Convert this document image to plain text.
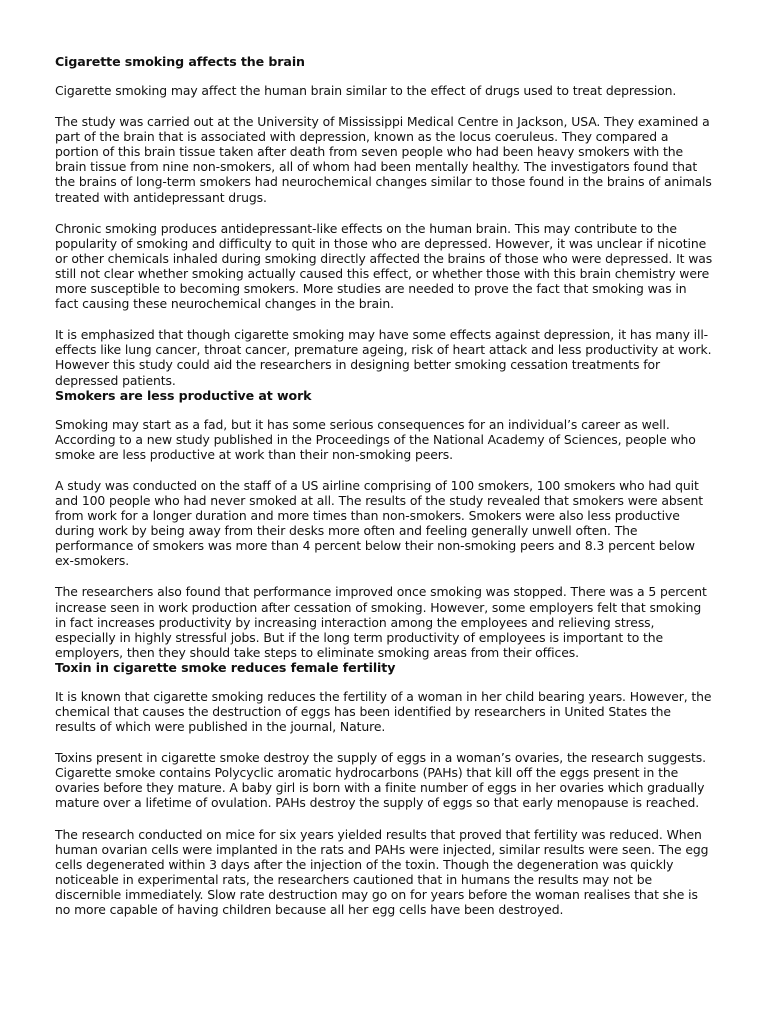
Cigarette smoking affects the brain

Cigarette smoking may affect the human brain similar to the effect of drugs used to treat depression.

The study was carried out at the University of Mississippi Medical Centre in Jackson, USA. They examined a part of the brain that is associated with depression, known as the locus coeruleus. They compared a portion of this brain tissue taken after death from seven people who had been heavy smokers with the brain tissue from nine non-smokers, all of whom had been mentally healthy. The investigators found that the brains of long-term smokers had neurochemical changes similar to those found in the brains of animals treated with antidepressant drugs.

Chronic smoking produces antidepressant-like effects on the human brain. This may contribute to the popularity of smoking and difficulty to quit in those who are depressed. However, it was unclear if nicotine or other chemicals inhaled during smoking directly affected the brains of those who were depressed. It was still not clear whether smoking actually caused this effect, or whether those with this brain chemistry were more susceptible to becoming smokers. More studies are needed to prove the fact that smoking was in fact causing these neurochemical changes in the brain.

It is emphasized that though cigarette smoking may have some effects against depression, it has many ill-effects like lung cancer, throat cancer, premature ageing, risk of heart attack and less productivity at work. However this study could aid the researchers in designing better smoking cessation treatments for depressed patients.

Smokers are less productive at work

Smoking may start as a fad, but it has some serious consequences for an individual’s career as well. According to a new study published in the Proceedings of the National Academy of Sciences, people who smoke are less productive at work than their non-smoking peers.

A study was conducted on the staff of a US airline comprising of 100 smokers, 100 smokers who had quit and 100 people who had never smoked at all. The results of the study revealed that smokers were absent from work for a longer duration and more times than non-smokers. Smokers were also less productive during work by being away from their desks more often and feeling generally unwell often. The performance of smokers was more than 4 percent below their non-smoking peers and 8.3 percent below ex-smokers.

The researchers also found that performance improved once smoking was stopped. There was a 5 percent increase seen in work production after cessation of smoking. However, some employers felt that smoking in fact increases productivity by increasing interaction among the employees and relieving stress, especially in highly stressful jobs. But if the long term productivity of employees is important to the employers, then they should take steps to eliminate smoking areas from their offices.

Toxin in cigarette smoke reduces female fertility

It is known that cigarette smoking reduces the fertility of a woman in her child bearing years. However, the chemical that causes the destruction of eggs has been identified by researchers in United States the results of which were published in the journal, Nature.

Toxins present in cigarette smoke destroy the supply of eggs in a woman’s ovaries, the research suggests. Cigarette smoke contains Polycyclic aromatic hydrocarbons (PAHs) that kill off the eggs present in the ovaries before they mature. A baby girl is born with a finite number of eggs in her ovaries which gradually mature over a lifetime of ovulation. PAHs destroy the supply of eggs so that early menopause is reached.

The research conducted on mice for six years yielded results that proved that fertility was reduced. When human ovarian cells were implanted in the rats and PAHs were injected, similar results were seen. The egg cells degenerated within 3 days after the injection of the toxin. Though the degeneration was quickly noticeable in experimental rats, the researchers cautioned that in humans the results may not be discernible immediately. Slow rate destruction may go on for years before the woman realises that she is no more capable of having children because all her egg cells have been destroyed.
